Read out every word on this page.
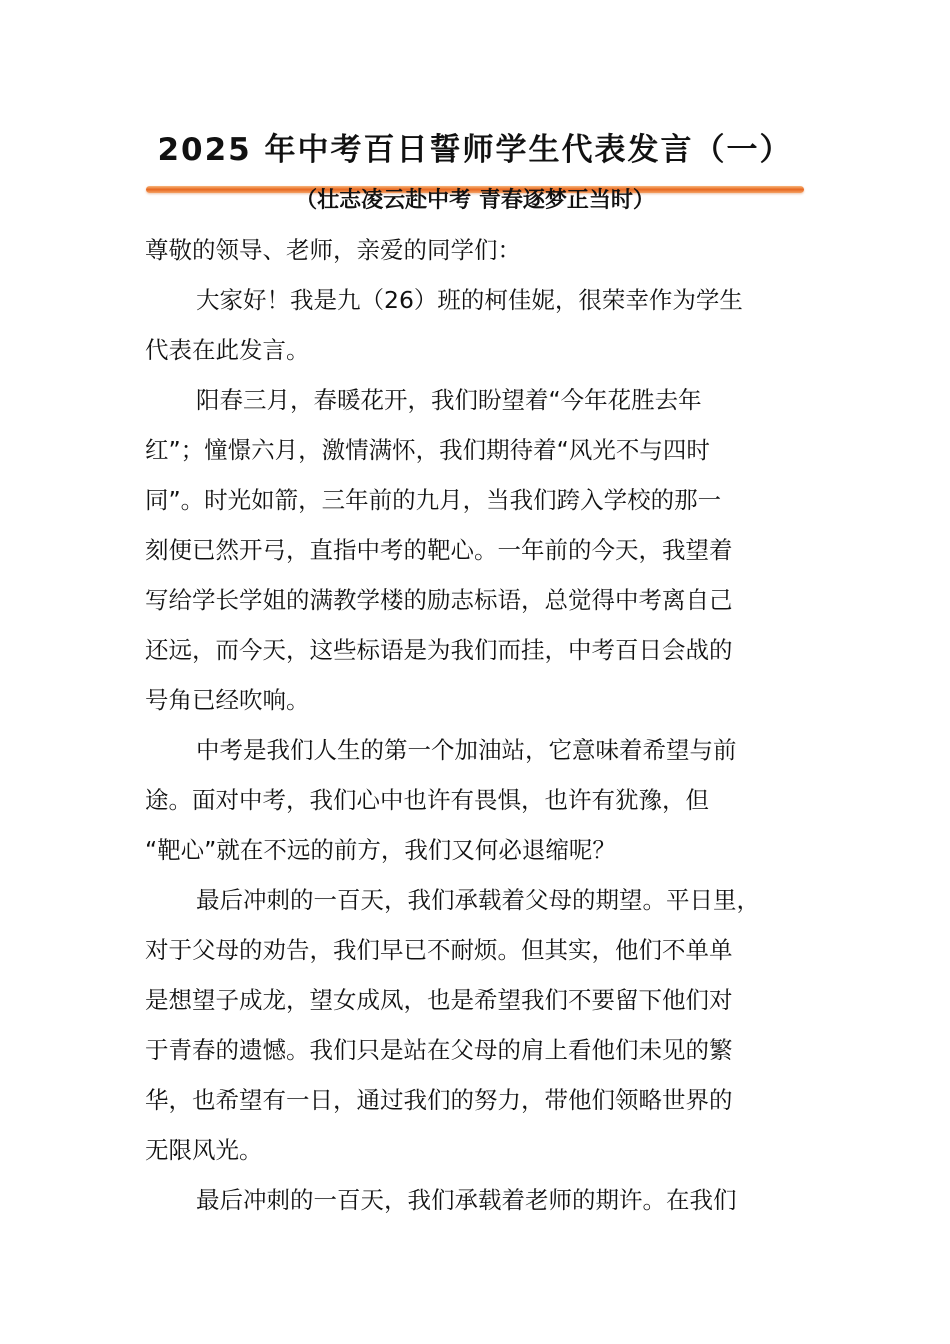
2025 年中考百日誓师学生代表发言（一）
（壮志凌云赴中考 青春逐梦正当时）
尊敬的领导、老师，亲爱的同学们：
大家好！我是九（26）班的柯佳妮，很荣幸作为学生
代表在此发言。
阳春三月，春暖花开，我们盼望着“今年花胜去年
红”；憧憬六月，激情满怀，我们期待着“风光不与四时
同”。时光如箭，三年前的九月，当我们跨入学校的那一
刻便已然开弓，直指中考的靶心。一年前的今天，我望着
写给学长学姐的满教学楼的励志标语，总觉得中考离自己
还远，而今天，这些标语是为我们而挂，中考百日会战的
号角已经吹响。
中考是我们人生的第一个加油站，它意味着希望与前
途。面对中考，我们心中也许有畏惧，也许有犹豫，但
“靶心”就在不远的前方，我们又何必退缩呢？
最后冲刺的一百天，我们承载着父母的期望。平日里，
对于父母的劝告，我们早已不耐烦。但其实，他们不单单
是想望子成龙，望女成凤，也是希望我们不要留下他们对
于青春的遗憾。我们只是站在父母的肩上看他们未见的繁
华，也希望有一日，通过我们的努力，带他们领略世界的
无限风光。
最后冲刺的一百天，我们承载着老师的期许。在我们
